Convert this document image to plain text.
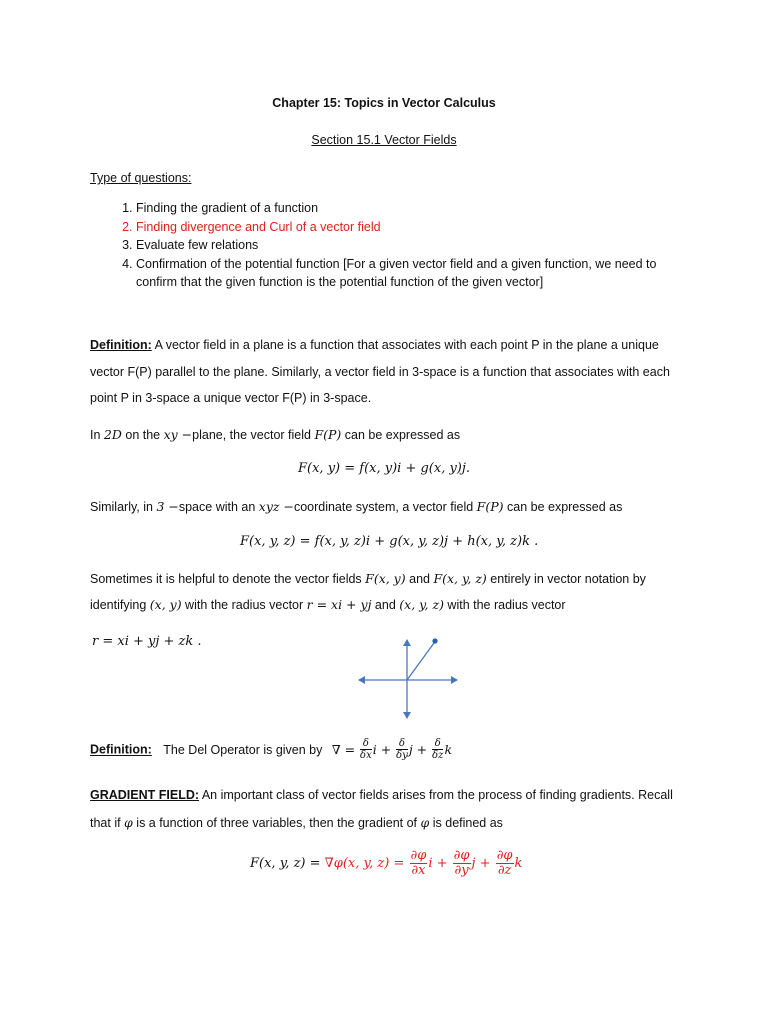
Chapter 15: Topics in Vector Calculus
Section 15.1 Vector Fields
Type of questions:
1. Finding the gradient of a function
2. Finding divergence and Curl of a vector field
3. Evaluate few relations
4. Confirmation of the potential function [For a given vector field and a given function, we need to confirm that the given function is the potential function of the given vector]
Definition: A vector field in a plane is a function that associates with each point P in the plane a unique
vector F(P) parallel to the plane. Similarly, a vector field in 3-space is a function that associates with each
point P in 3-space a unique vector F(P) in 3-space.
In 2D on the xy −plane, the vector field F(P) can be expressed as
F(x, y) = f(x, y)i + g(x, y)j.
Similarly, in 3 −space with an xyz −coordinate system, a vector field F(P) can be expressed as
F(x, y, z) = f(x, y, z)i + g(x, y, z)j + h(x, y, z)k .
Sometimes it is helpful to denote the vector fields F(x, y) and F(x, y, z) entirely in vector notation by
identifying (x, y) with the radius vector r = xi + yj and (x, y, z) with the radius vector
r = xi + yj + zk .
Definition: The Del Operator is given by ∇ = $\frac{\delta}{\delta x}$ $i + \frac{\delta}{\delta y}$ $j + \frac{\delta}{\delta z}$ k
GRADIENT FIELD: An important class of vector fields arises from the process of finding gradients. Recall
that if φ is a function of three variables, then the gradient of φ is defined as
F(x, y, z) = ∇φ(x, y, $z) = \frac{\partial\varphi}{\partial x}$ $i + \frac{\partial\varphi}{\partial y}$ $j + \frac{\partial\varphi}{\partial z}$ k
